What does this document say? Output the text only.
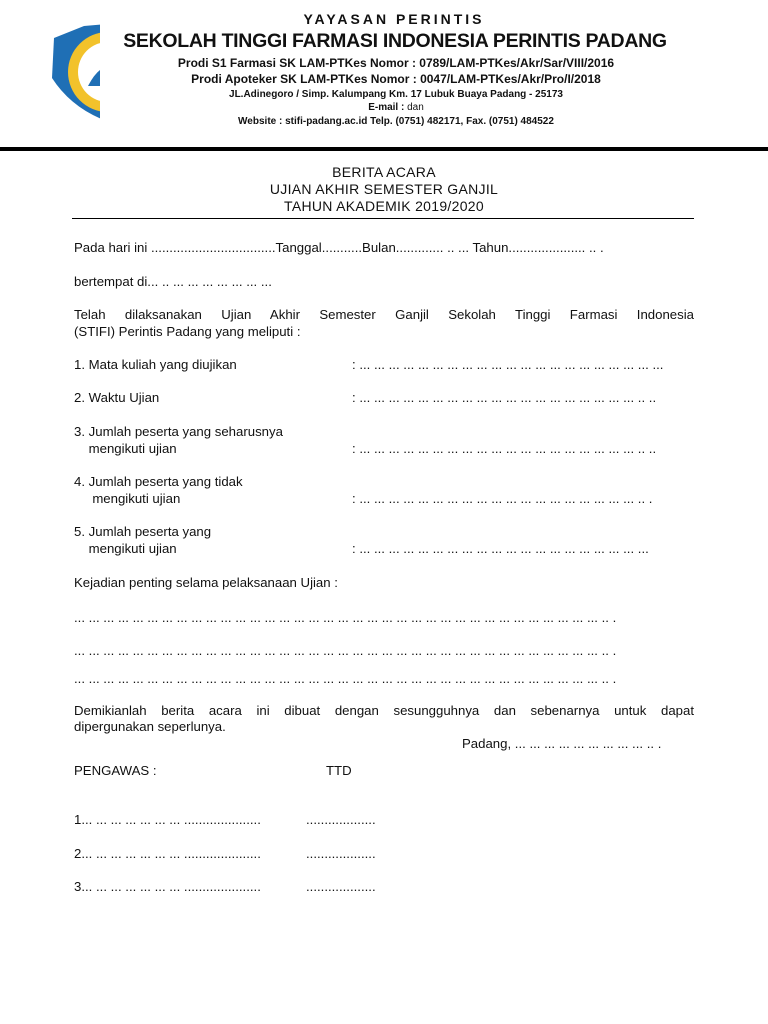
YAYASAN PERINTIS
SEKOLAH TINGGI FARMASI INDONESIA PERINTIS PADANG
Prodi S1 Farmasi SK LAM-PTKes Nomor : 0789/LAM-PTKes/Akr/Sar/VIII/2016
Prodi Apoteker SK LAM-PTKes Nomor : 0047/LAM-PTKes/Akr/Pro/I/2018
JL.Adinegoro / Simp. Kalumpang Km. 17 Lubuk Buaya Padang - 25173
E-mail : dan
Website : stifi-padang.ac.id Telp. (0751) 482171, Fax. (0751) 484522
BERITA ACARA
UJIAN AKHIR SEMESTER GANJIL
TAHUN AKADEMIK 2019/2020
Pada hari ini ..................................Tanggal...........Bulan............. .. ... Tahun..................... .. .
bertempat di... .. ... ... ... ... ... ... ...
Telah dilaksanakan Ujian Akhir Semester Ganjil Sekolah Tinggi Farmasi Indonesia
(STIFI) Perintis Padang yang meliputi :
1. Mata kuliah yang diujikan	: ... ... ... ... ... ... ... ... ... ... ... ... ... ... ... ... ... ... ... ... ...
2. Waktu Ujian	: ... ... ... ... ... ... ... ... ... ... ... ... ... ... ... ... ... ... ... .. ..
3. Jumlah peserta yang seharusnya
mengikuti ujian	: ... ... ... ... ... ... ... ... ... ... ... ... ... ... ... ... ... ... ... .. ..
4. Jumlah peserta yang tidak
mengikuti ujian	: ... ... ... ... ... ... ... ... ... ... ... ... ... ... ... ... ... ... ... .. .
5. Jumlah peserta yang
mengikuti ujian	: ... ... ... ... ... ... ... ... ... ... ... ... ... ... ... ... ... ... ... ...
Kejadian penting selama pelaksanaan Ujian :
... ... ... ... ... ... ... ... ... ... ... ... ... ... ... ... ... ... ... ... ... ... ... ... ... ... ... ... ... ... ... ... ... ... ... ... .. .
... ... ... ... ... ... ... ... ... ... ... ... ... ... ... ... ... ... ... ... ... ... ... ... ... ... ... ... ... ... ... ... ... ... ... ... .. .
... ... ... ... ... ... ... ... ... ... ... ... ... ... ... ... ... ... ... ... ... ... ... ... ... ... ... ... ... ... ... ... ... ... ... ... .. .
Demikianlah berita acara ini dibuat dengan sesungguhnya dan sebenarnya untuk dapat
dipergunakan seperlunya.
Padang, ... ... ... ... ... ... ... ... ... .. .
PENGAWAS :	TTD
1... ... ... ... ... ... ... .....................	...................
2... ... ... ... ... ... ... .....................	...................
3... ... ... ... ... ... ... .....................	...................
